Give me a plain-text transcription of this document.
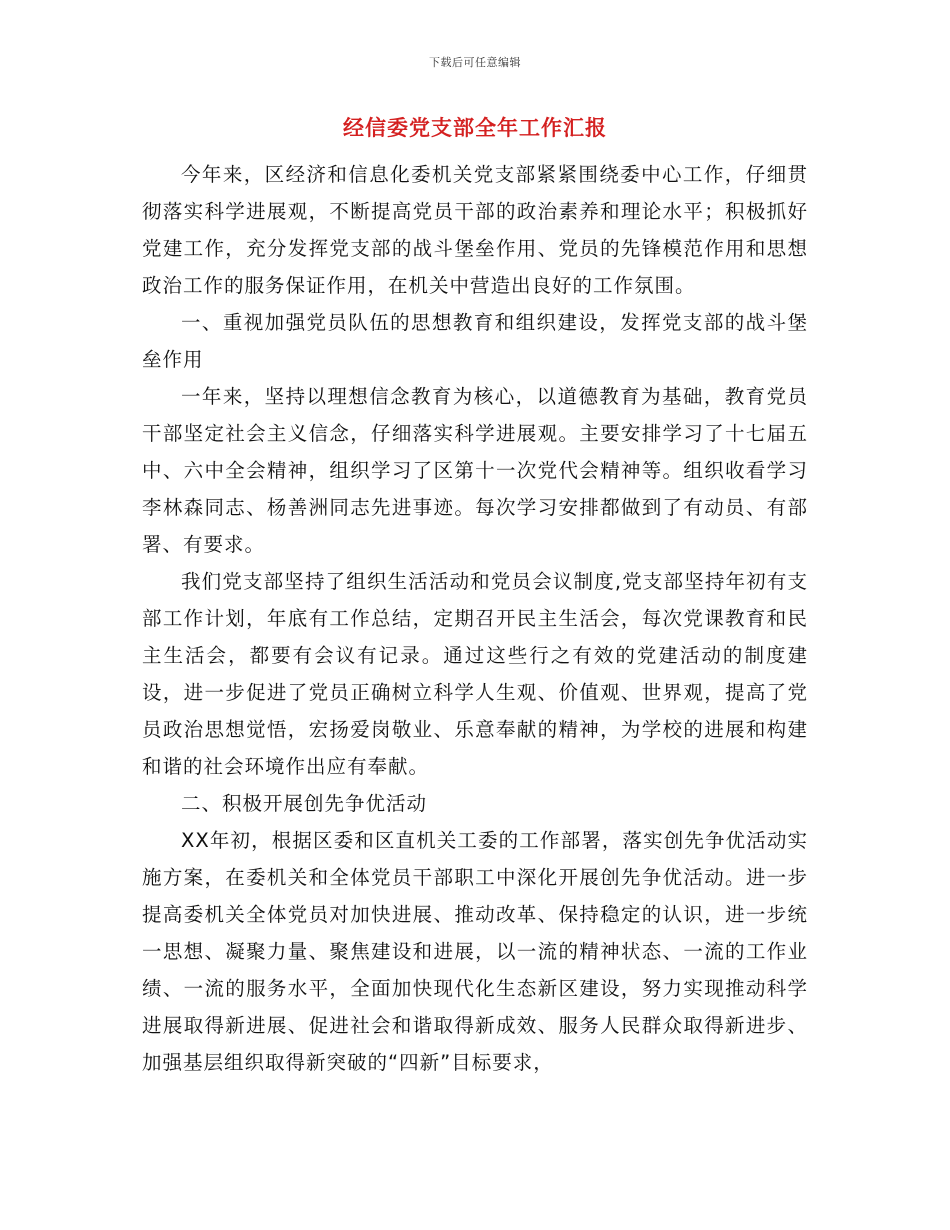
下载后可任意编辑
经信委党支部全年工作汇报

今年来，区经济和信息化委机关党支部紧紧围绕委中心工作，仔细贯彻落实科学进展观，不断提高党员干部的政治素养和理论水平；积极抓好党建工作，充分发挥党支部的战斗堡垒作用、党员的先锋模范作用和思想政治工作的服务保证作用，在机关中营造出良好的工作氛围。

一、重视加强党员队伍的思想教育和组织建设，发挥党支部的战斗堡垒作用

一年来，坚持以理想信念教育为核心，以道德教育为基础，教育党员干部坚定社会主义信念，仔细落实科学进展观。主要安排学习了十七届五中、六中全会精神，组织学习了区第十一次党代会精神等。组织收看学习李林森同志、杨善洲同志先进事迹。每次学习安排都做到了有动员、有部署、有要求。

我们党支部坚持了组织生活活动和党员会议制度,党支部坚持年初有支部工作计划，年底有工作总结，定期召开民主生活会，每次党课教育和民主生活会，都要有会议有记录。通过这些行之有效的党建活动的制度建设，进一步促进了党员正确树立科学人生观、价值观、世界观，提高了党员政治思想觉悟，宏扬爱岗敬业、乐意奉献的精神，为学校的进展和构建和谐的社会环境作出应有奉献。

二、积极开展创先争优活动

XX年初，根据区委和区直机关工委的工作部署，落实创先争优活动实施方案，在委机关和全体党员干部职工中深化开展创先争优活动。进一步提高委机关全体党员对加快进展、推动改革、保持稳定的认识，进一步统一思想、凝聚力量、聚焦建设和进展，以一流的精神状态、一流的工作业绩、一流的服务水平，全面加快现代化生态新区建设，努力实现推动科学进展取得新进展、促进社会和谐取得新成效、服务人民群众取得新进步、加强基层组织取得新突破的“四新”目标要求，
